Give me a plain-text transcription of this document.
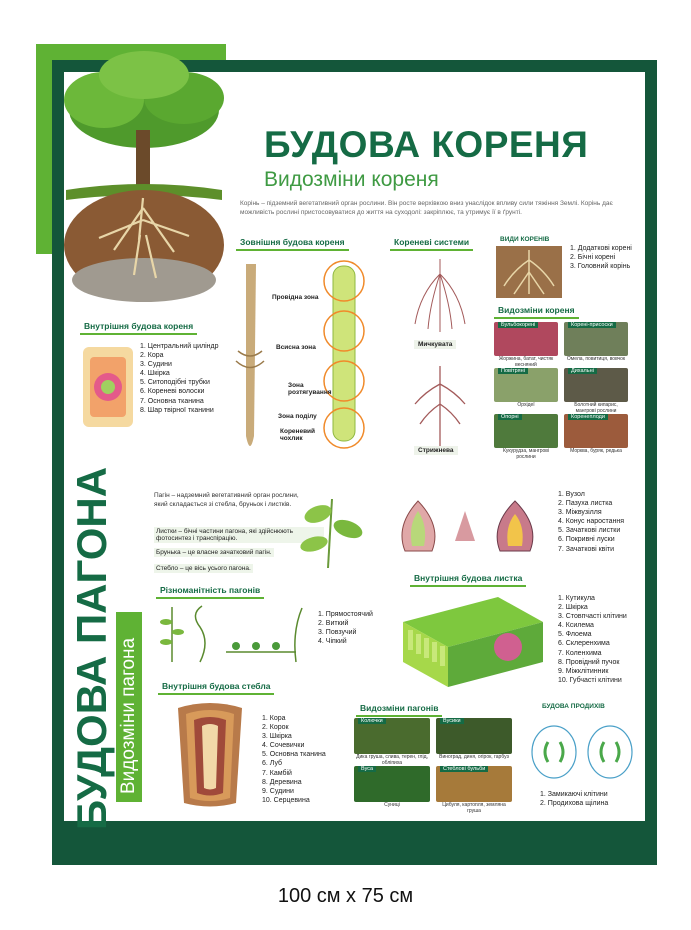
БУДОВА КОРЕНЯ
Видозміни кореня
Корінь – підземний вегетативний орган рослини. Він росте верхівкою вниз унаслідок впливу сили тяжіння Землі. Корінь дає можливість рослині пристосовуватися до життя на суходолі: закріплює, та утримує її в ґрунті.
Зовнішня будова кореня
Провідна зона
Всисна зона
Зона розтягування
Зона поділу
Кореневий чохлик
Внутрішня будова кореня
1. Центральний циліндр
2. Кора
3. Судини
4. Шкірка
5. Ситоподібні трубки
6. Кореневі волоски
7. Основна тканина
8. Шар твірної тканини
Кореневі системи
Мичкувата
Стрижнева
ВИДИ КОРЕНІВ
1. Додаткові корені
2. Бічні корені
3. Головний корінь
Видозміни кореня
Бульбокорені
Жоржина, батат, чистяк весняний
Корені-присоски
Омела, повитиця, вовчок
Повітряні
Орхідеї
Дихальні
Болотний кипарис, мангрові рослини
Опорні
Кукурудза, мангрові рослини
Коренеплоди
Морква, буряк, редька
БУДОВА ПАГОНА Видозміни пагона
Пагін – надземний вегетативний орган рослини, який складається зі стебла, бруньок і листків.
Листки – бічні частини пагона, які здійснюють фотосинтез і транспірацію.
Брунька – це власне зачатковий пагін.
Стебло – це вісь усього пагона.
1. Вузол
2. Пазуха листка
3. Міжвузілля
4. Конус наростання
5. Зачаткові листки
6. Покривні луски
7. Зачаткові квіти
Різноманітність пагонів
1. Прямостоячий
2. Виткий
3. Повзучий
4. Чіпкий
Внутрішня будова листка
1. Кутикула
2. Шкірка
3. Стовпчасті клітини
4. Ксилема
5. Флоема
6. Склеренхима
7. Коленхима
8. Провідний пучок
9. Міжклітинник
10. Губчасті клітини
Внутрішня будова стебла
1. Кора
2. Корок
3. Шкірка
4. Сочевички
5. Основна тканина
6. Луб
7. Камбій
8. Деревина
9. Судини
10. Серцевина
Видозміни пагонів
Колючки
Дика груша, слива, терен, глід, обліпиха
Вусики
Виноград, диня, огірок, гарбуз
Вуса
Суниці
Стеблові бульби
Цибуля, картопля, земляна груша
БУДОВА ПРОДИХІВ
1. Замикаючі клітини
2. Продихова щілина
100 см х 75 см
